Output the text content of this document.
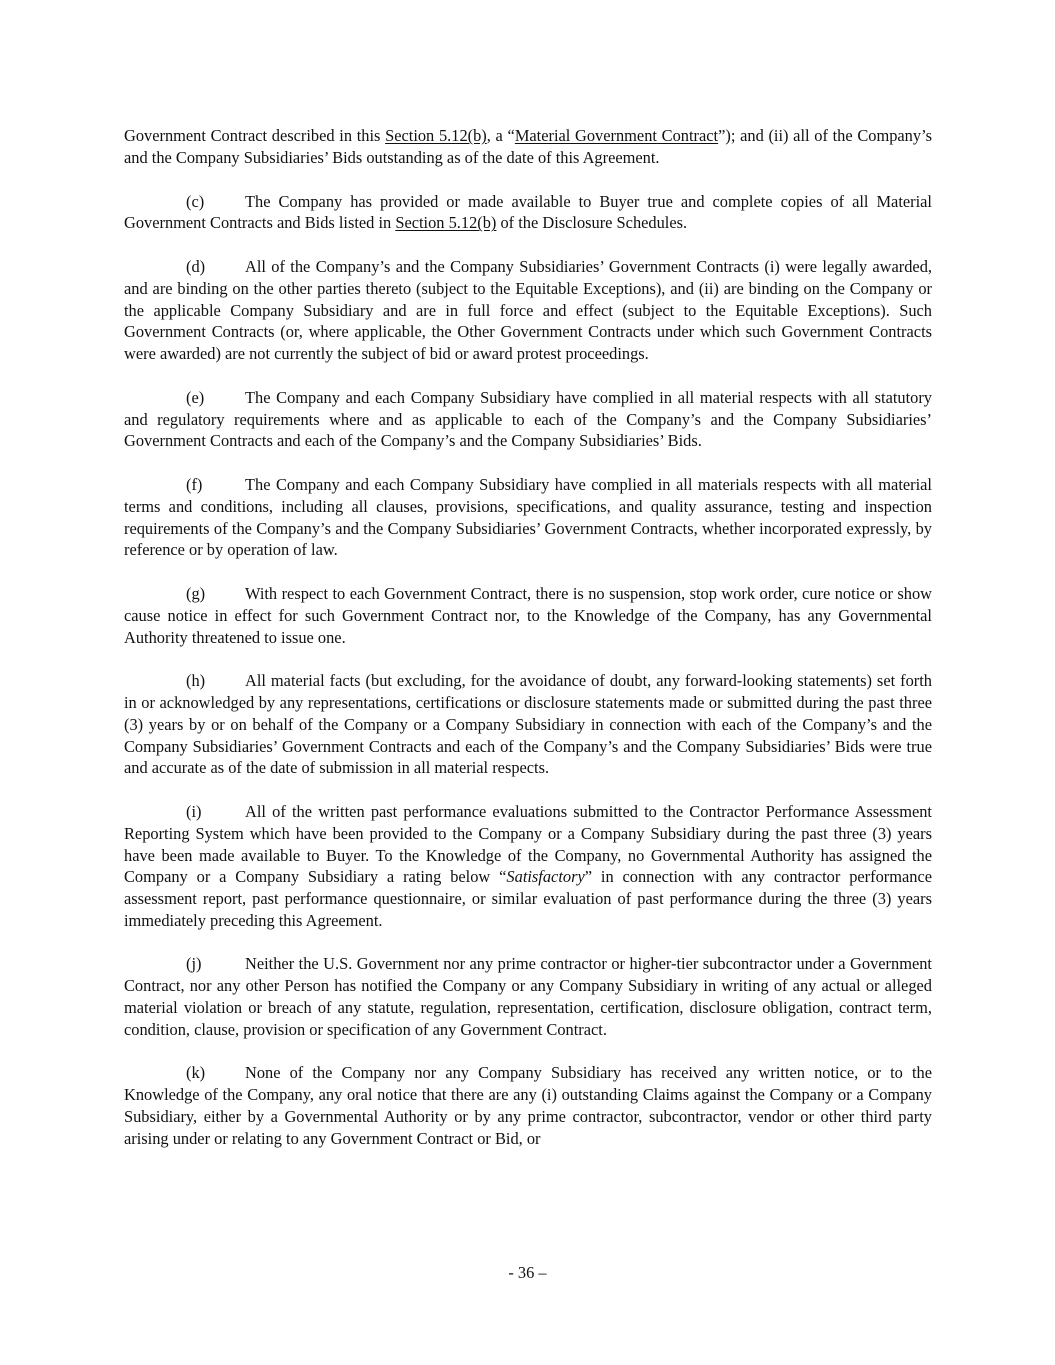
Government Contract described in this Section 5.12(b), a “Material Government Contract”); and (ii) all of the Company’s and the Company Subsidiaries’ Bids outstanding as of the date of this Agreement.

(c) The Company has provided or made available to Buyer true and complete copies of all Material Government Contracts and Bids listed in Section 5.12(b) of the Disclosure Schedules.

(d) All of the Company’s and the Company Subsidiaries’ Government Contracts (i) were legally awarded, and are binding on the other parties thereto (subject to the Equitable Exceptions), and (ii) are binding on the Company or the applicable Company Subsidiary and are in full force and effect (subject to the Equitable Exceptions). Such Government Contracts (or, where applicable, the Other Government Contracts under which such Government Contracts were awarded) are not currently the subject of bid or award protest proceedings.

(e) The Company and each Company Subsidiary have complied in all material respects with all statutory and regulatory requirements where and as applicable to each of the Company’s and the Company Subsidiaries’ Government Contracts and each of the Company’s and the Company Subsidiaries’ Bids.

(f)	The Company and each Company Subsidiary have complied in all materials respects with all material terms and conditions, including all clauses, provisions, specifications, and quality assurance, testing and inspection requirements of the Company’s and the Company Subsidiaries’ Government Contracts, whether incorporated expressly, by reference or by operation of law.

(g) With respect to each Government Contract, there is no suspension, stop work order, cure notice or show cause notice in effect for such Government Contract nor, to the Knowledge of the Company, has any Governmental Authority threatened to issue one.

(h) All material facts (but excluding, for the avoidance of doubt, any forward-looking statements) set forth in or acknowledged by any representations, certifications or disclosure statements made or submitted during the past three (3) years by or on behalf of the Company or a Company Subsidiary in connection with each of the Company’s and the Company Subsidiaries’ Government Contracts and each of the Company’s and the Company Subsidiaries’ Bids were true and accurate as of the date of submission in all material respects.

(i)	All of the written past performance evaluations submitted to the Contractor Performance Assessment Reporting System which have been provided to the Company or a Company Subsidiary during the past three (3) years have been made available to Buyer. To the Knowledge of the Company, no Governmental Authority has assigned the Company or a Company Subsidiary a rating below “Satisfactory” in connection with any contractor performance assessment report, past performance questionnaire, or similar evaluation of past performance during the three (3) years immediately preceding this Agreement.

(j)	Neither the U.S. Government nor any prime contractor or higher-tier subcontractor under a Government Contract, nor any other Person has notified the Company or any Company Subsidiary in writing of any actual or alleged material violation or breach of any statute, regulation, representation, certification, disclosure obligation, contract term, condition, clause, provision or specification of any Government Contract.

(k) None of the Company nor any Company Subsidiary has received any written notice, or to the Knowledge of the Company, any oral notice that there are any (i) outstanding Claims against the Company or a Company Subsidiary, either by a Governmental Authority or by any prime contractor, subcontractor, vendor or other third party arising under or relating to any Government Contract or Bid, or

- 36 –
